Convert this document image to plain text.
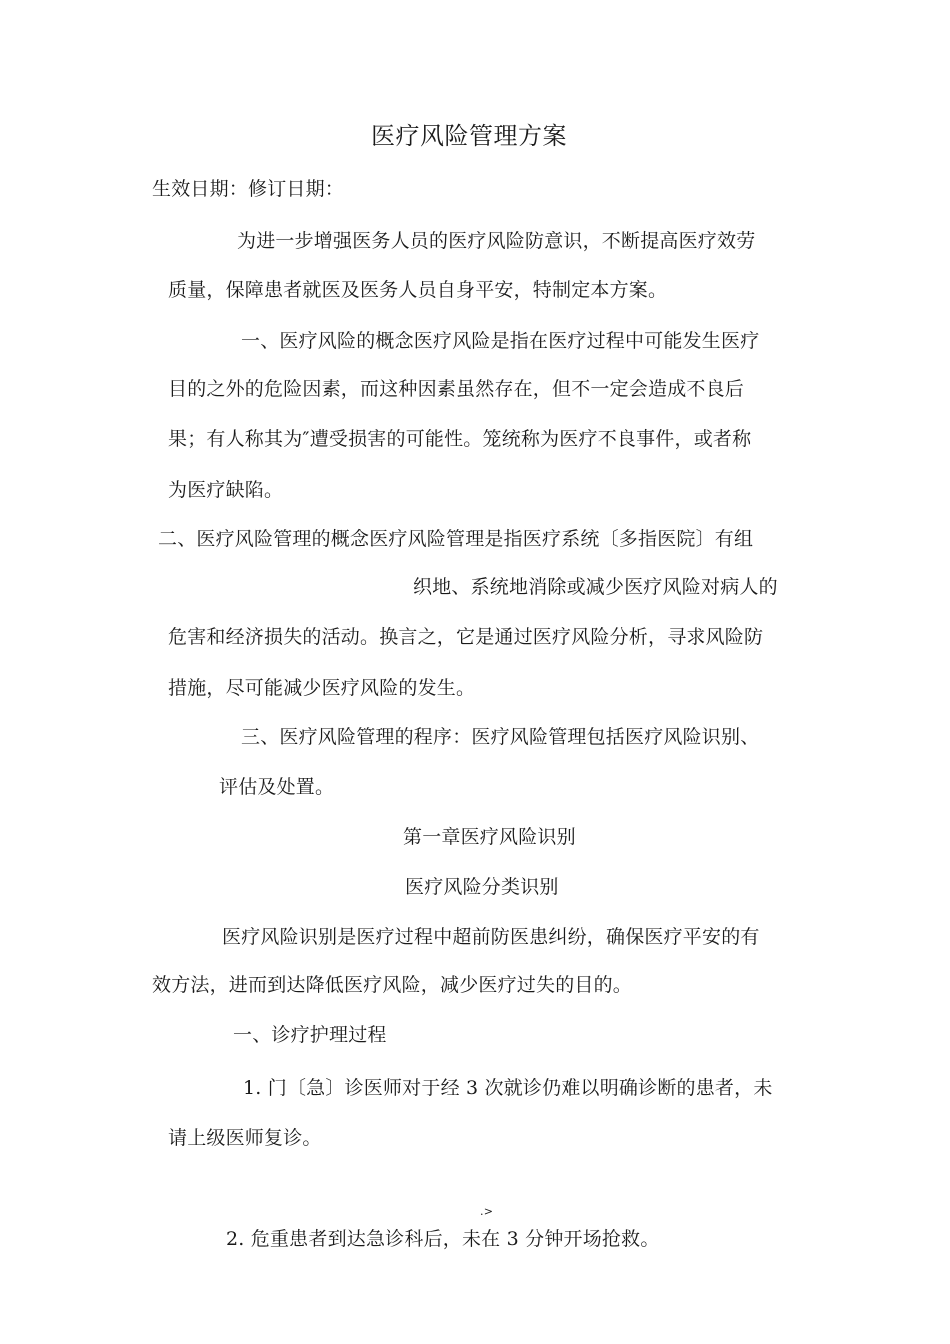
医疗风险管理方案
生效日期：修订日期：
为进一步增强医务人员的医疗风险防意识，不断提高医疗效劳
质量，保障患者就医及医务人员自身平安，特制定本方案。
一、医疗风险的概念医疗风险是指在医疗过程中可能发生医疗
目的之外的危险因素，而这种因素虽然存在，但不一定会造成不良后
果；有人称其为″遭受损害的可能性。笼统称为医疗不良事件，或者称
为医疗缺陷。
二、医疗风险管理的概念医疗风险管理是指医疗系统〔多指医院〕有组
织地、系统地消除或减少医疗风险对病人的
危害和经济损失的活动。换言之，它是通过医疗风险分析，寻求风险防
措施，尽可能减少医疗风险的发生。
三、医疗风险管理的程序：医疗风险管理包括医疗风险识别、
评估及处置。
第一章医疗风险识别
医疗风险分类识别
医疗风险识别是医疗过程中超前防医患纠纷，确保医疗平安的有
效方法，进而到达降低医疗风险，减少医疗过失的目的。
一、诊疗护理过程
1. 门〔急〕诊医师对于经 3 次就诊仍难以明确诊断的患者，未
请上级医师复诊。
.>
2. 危重患者到达急诊科后，未在 3 分钟开场抢救。
